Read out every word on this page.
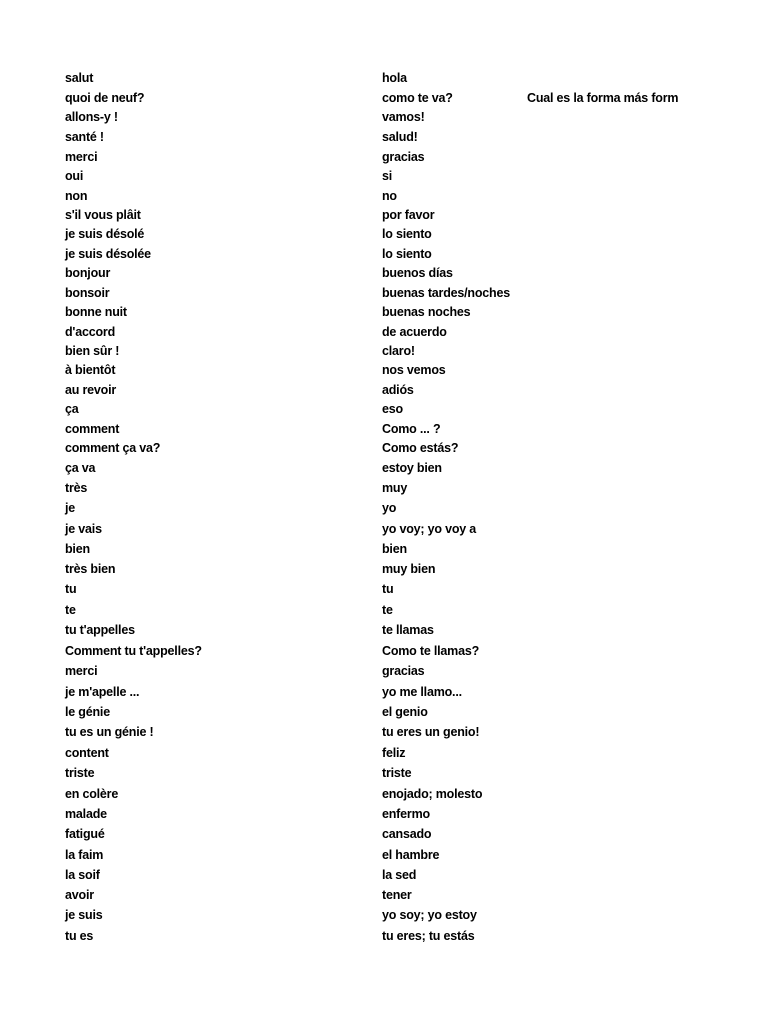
salut	hola
quoi de neuf?	como te va?	Cual es la forma más form
allons-y !	vamos!
santé !	salud!
merci	gracias
oui	si
non	no
s'il vous plâit	por favor
je suis désolé	lo siento
je suis désolée	lo siento
bonjour	buenos días
bonsoir	buenas tardes/noches
bonne nuit	buenas noches
d'accord	de acuerdo
bien sûr !	claro!
à bientôt	nos vemos
au revoir	adiós
ça	eso
comment	Como ... ?
comment ça va?	Como estás?
ça va	estoy bien
très	muy
je	yo
je vais	yo voy; yo voy a
bien	bien
très bien	muy bien
tu	tu
te	te
tu t'appelles	te llamas
Comment tu t'appelles?	Como te llamas?
merci	gracias
je m'apelle ...	yo me llamo...
le génie	el genio
tu es un génie !	tu eres un genio!
content	feliz
triste	triste
en colère	enojado; molesto
malade	enfermo
fatigué	cansado
la faim	el hambre
la soif	la sed
avoir	tener
je suis	yo soy; yo estoy
tu es	tu eres; tu estás
